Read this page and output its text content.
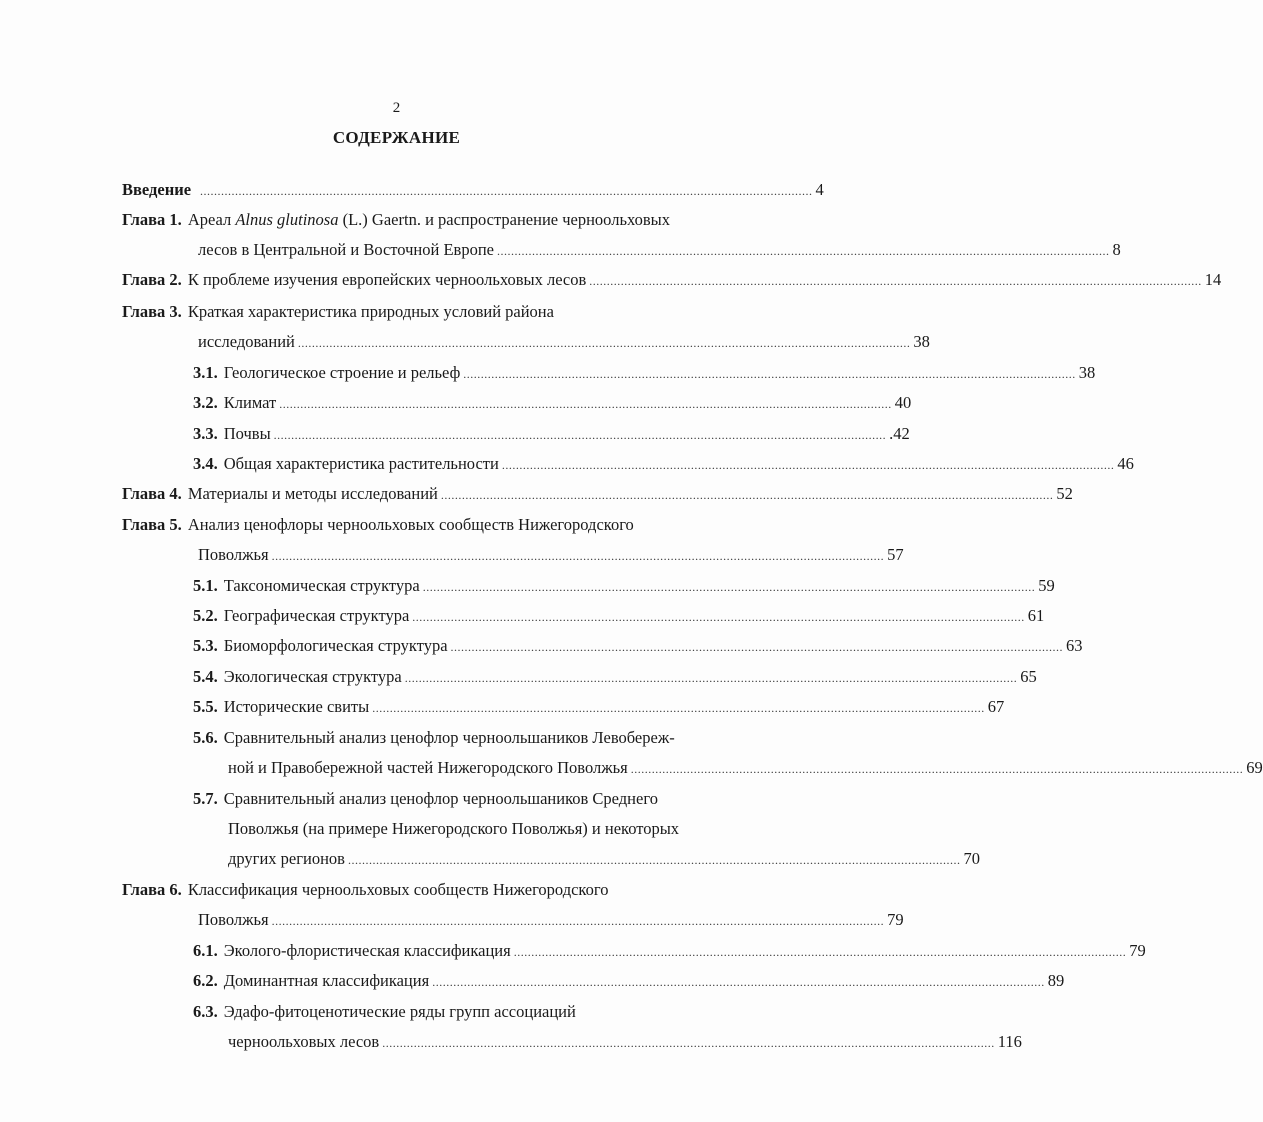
2
СОДЕРЖАНИЕ
Введение ............................................................................................................................................................................... 4
Глава 1. Ареал Alnus glutinosa (L.) Gaertn. и распространение черноольховых
лесов в Центральной и Восточной Европе ............................................................................................................................................................................... 8
Глава 2. К проблеме изучения европейских черноольховых лесов ............................................................................................................................................................................... 14
Глава 3. Краткая характеристика природных условий района
исследований ............................................................................................................................................................................... 38
3.1. Геологическое строение и рельеф ............................................................................................................................................................................... 38
3.2. Климат ............................................................................................................................................................................... 40
3.3. Почвы ............................................................................................................................................................................... .42
3.4. Общая характеристика растительности ............................................................................................................................................................................... 46
Глава 4. Материалы и методы исследований ............................................................................................................................................................................... 52
Глава 5. Анализ ценофлоры черноольховых сообществ Нижегородского
Поволжья ............................................................................................................................................................................... 57
5.1. Таксономическая структура ............................................................................................................................................................................... 59
5.2. Географическая структура ............................................................................................................................................................................... 61
5.3. Биоморфологическая структура ............................................................................................................................................................................... 63
5.4. Экологическая структура ............................................................................................................................................................................... 65
5.5. Исторические свиты ............................................................................................................................................................................... 67
5.6. Сравнительный анализ ценофлор черноольшаников Левобереж-
ной и Правобережной частей Нижегородского Поволжья ............................................................................................................................................................................... 69
5.7. Сравнительный анализ ценофлор черноольшаников Среднего
Поволжья (на примере Нижегородского Поволжья) и некоторых
других регионов ............................................................................................................................................................................... 70
Глава 6. Классификация черноольховых сообществ Нижегородского
Поволжья ............................................................................................................................................................................... 79
6.1. Эколого-флористическая классификация ............................................................................................................................................................................... 79
6.2. Доминантная классификация ............................................................................................................................................................................... 89
6.3. Эдафо-фитоценотические ряды групп ассоциаций
черноольховых лесов ............................................................................................................................................................................... 116
